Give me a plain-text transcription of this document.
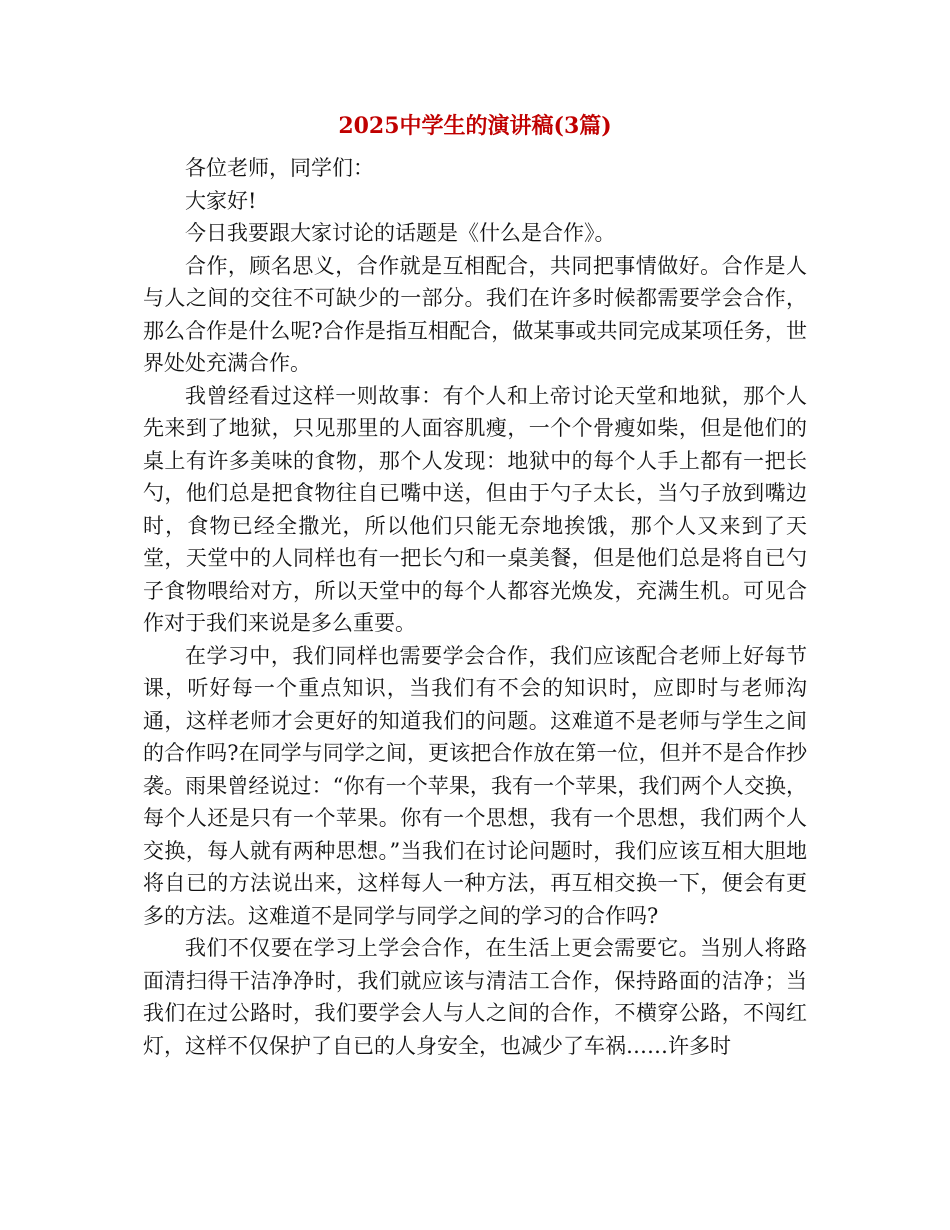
2025中学生的演讲稿(3篇)

各位老师，同学们：

大家好!

今日我要跟大家讨论的话题是《什么是合作》。

合作，顾名思义，合作就是互相配合，共同把事情做好。合作是人与人之间的交往不可缺少的一部分。我们在许多时候都需要学会合作，那么合作是什么呢?合作是指互相配合，做某事或共同完成某项任务，世界处处充满合作。

我曾经看过这样一则故事：有个人和上帝讨论天堂和地狱，那个人先来到了地狱，只见那里的人面容肌瘦，一个个骨瘦如柴，但是他们的桌上有许多美味的食物，那个人发现：地狱中的每个人手上都有一把长勺，他们总是把食物往自已嘴中送，但由于勺子太长，当勺子放到嘴边时，食物已经全撒光，所以他们只能无奈地挨饿，那个人又来到了天堂，天堂中的人同样也有一把长勺和一桌美餐，但是他们总是将自已勺子食物喂给对方，所以天堂中的每个人都容光焕发，充满生机。可见合作对于我们来说是多么重要。

在学习中，我们同样也需要学会合作，我们应该配合老师上好每节课，听好每一个重点知识，当我们有不会的知识时，应即时与老师沟通，这样老师才会更好的知道我们的问题。这难道不是老师与学生之间的合作吗?在同学与同学之间，更该把合作放在第一位，但并不是合作抄袭。雨果曾经说过：“你有一个苹果，我有一个苹果，我们两个人交换，每个人还是只有一个苹果。你有一个思想，我有一个思想，我们两个人交换，每人就有两种思想。”当我们在讨论问题时，我们应该互相大胆地将自已的方法说出来，这样每人一种方法，再互相交换一下，便会有更多的方法。这难道不是同学与同学之间的学习的合作吗?

我们不仅要在学习上学会合作，在生活上更会需要它。当别人将路面清扫得干洁净净时，我们就应该与清洁工合作，保持路面的洁净；当我们在过公路时，我们要学会人与人之间的合作，不横穿公路，不闯红灯，这样不仅保护了自已的人身安全，也减少了车祸……许多时
